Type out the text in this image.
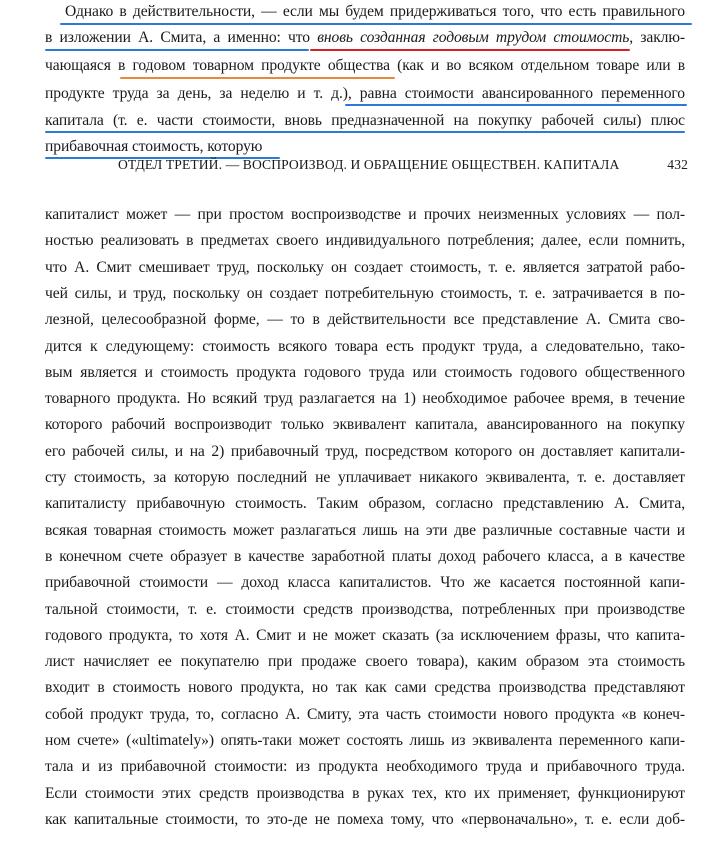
Однако в действительности, — если мы будем придерживаться того, что есть правильного
в изложении А. Смита, а именно: что вновь созданная годовым трудом стоимость, заклю-
чающаяся в годовом товарном продукте общества (как и во всяком отдельном товаре или в
продукте труда за день, за неделю и т. д.), равна стоимости авансированного переменного
капитала (т. е. части стоимости, вновь предназначенной на покупку рабочей силы) плюс
прибавочная стоимость, которую
ОТДЕЛ ТРЕТИЙ. — ВОСПРОИЗВОД. И ОБРАЩЕНИЕ ОБЩЕСТВЕН. КАПИТАЛА	432
капиталист может — при простом воспроизводстве и прочих неизменных условиях — пол-
ностью реализовать в предметах своего индивидуального потребления; далее, если помнить,
что А. Смит смешивает труд, поскольку он создает стоимость, т. е. является затратой рабо-
чей силы, и труд, поскольку он создает потребительную стоимость, т. е. затрачивается в по-
лезной, целесообразной форме, — то в действительности все представление А. Смита сво-
дится к следующему: стоимость всякого товара есть продукт труда, а следовательно, тако-
вым является и стоимость продукта годового труда или стоимость годового общественного
товарного продукта. Но всякий труд разлагается на 1) необходимое рабочее время, в течение
которого рабочий воспроизводит только эквивалент капитала, авансированного на покупку
его рабочей силы, и на 2) прибавочный труд, посредством которого он доставляет капитали-
сту стоимость, за которую последний не уплачивает никакого эквивалента, т. е. доставляет
капиталисту прибавочную стоимость. Таким образом, согласно представлению А. Смита,
всякая товарная стоимость может разлагаться лишь на эти две различные составные части и
в конечном счете образует в качестве заработной платы доход рабочего класса, а в качестве
прибавочной стоимости — доход класса капиталистов. Что же касается постоянной капи-
тальной стоимости, т. е. стоимости средств производства, потребленных при производстве
годового продукта, то хотя А. Смит и не может сказать (за исключением фразы, что капита-
лист начисляет ее покупателю при продаже своего товара), каким образом эта стоимость
входит в стоимость нового продукта, но так как сами средства производства представляют
собой продукт труда, то, согласно А. Смиту, эта часть стоимости нового продукта «в конеч-
ном счете» («ultimately») опять-таки может состоять лишь из эквивалента переменного капи-
тала и из прибавочной стоимости: из продукта необходимого труда и прибавочного труда.
Если стоимости этих средств производства в руках тех, кто их применяет, функционируют
как капитальные стоимости, то это-де не помеха тому, что «первоначально», т. е. если доб-
